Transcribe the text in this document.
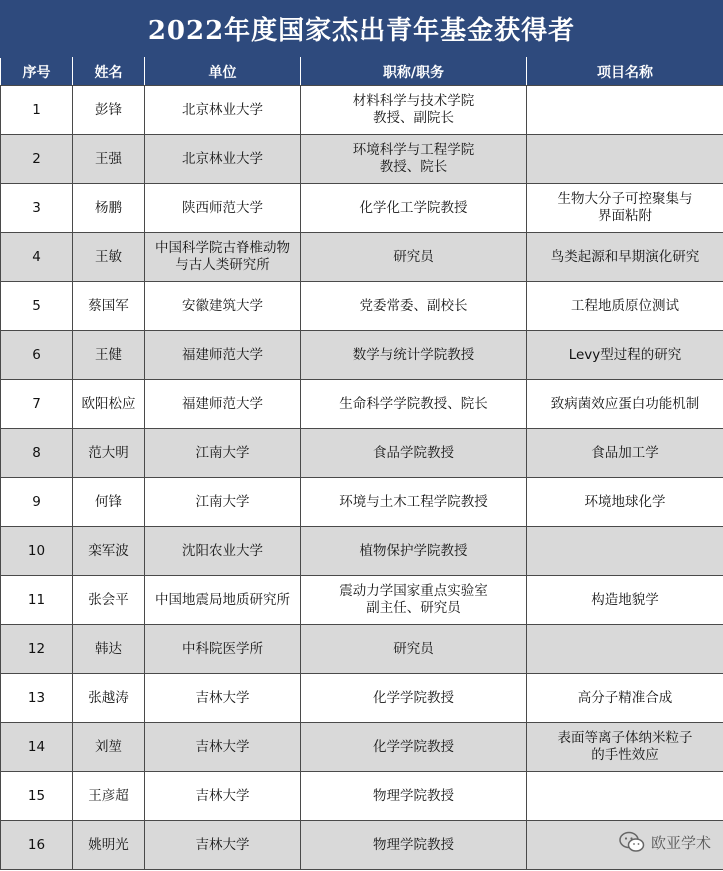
2022年度国家杰出青年基金获得者
序号	姓名	单位	职称/职务	项目名称
1	彭锋	北京林业大学	材料科学与技术学院
教授、副院长	

2	王强	北京林业大学	环境科学与工程学院
教授、院长	

3	杨鹏	陕西师范大学	化学化工学院教授	生物大分子可控聚集与
界面粘附

4	王敏	中国科学院古脊椎动物
与古人类研究所	研究员	鸟类起源和早期演化研究

5	蔡国军	安徽建筑大学	党委常委、副校长	工程地质原位测试

6	王健	福建师范大学	数学与统计学院教授	Levy型过程的研究

7	欧阳松应	福建师范大学	生命科学学院教授、院长	致病菌效应蛋白功能机制

8	范大明	江南大学	食品学院教授	食品加工学

9	何锋	江南大学	环境与土木工程学院教授	环境地球化学

10	栾军波	沈阳农业大学	植物保护学院教授	

11	张会平	中国地震局地质研究所	震动力学国家重点实验室
副主任、研究员	构造地貌学

12	韩达	中科院医学所	研究员	

13	张越涛	吉林大学	化学学院教授	高分子精准合成

14	刘堃	吉林大学	化学学院教授	表面等离子体纳米粒子
的手性效应

15	王彦超	吉林大学	物理学院教授	

16	姚明光	吉林大学	物理学院教授	
		欧亚学术
